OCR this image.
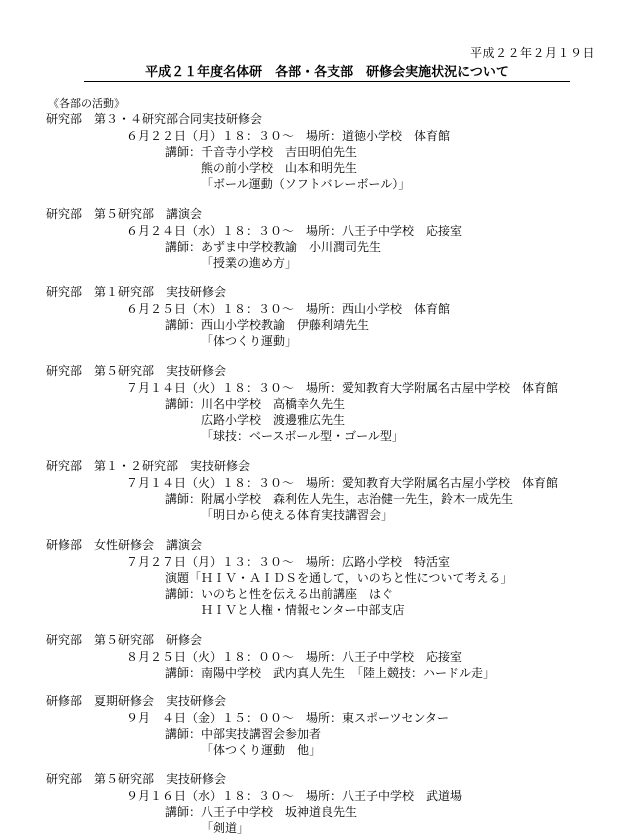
平成２２年２月１９日
平成２１年度名体研　各部・各支部　研修会実施状況について
《各部の活動》
研究部　第３・４研究部合同実技研修会
６月２２日（月）１８：３０～　場所：道徳小学校　体育館
講師：千音寺小学校　吉田明伯先生
熊の前小学校　山本和明先生
「ボール運動（ソフトバレーボール）」
研究部　第５研究部　講演会
６月２４日（水）１８：３０～　場所：八王子中学校　応接室
講師：あずま中学校教諭　小川潤司先生
「授業の進め方」
研究部　第１研究部　実技研修会
６月２５日（木）１８：３０～　場所：西山小学校　体育館
講師：西山小学校教諭　伊藤利靖先生
「体つくり運動」
研究部　第５研究部　実技研修会
７月１４日（火）１８：３０～　場所：愛知教育大学附属名古屋中学校　体育館
講師：川名中学校　高橋幸久先生
広路小学校　渡邊雅広先生
「球技：ベースボール型・ゴール型」
研究部　第１・２研究部　実技研修会
７月１４日（火）１８：３０～　場所：愛知教育大学附属名古屋小学校　体育館
講師：附属小学校　森利佐人先生，志治健一先生，鈴木一成先生
「明日から使える体育実技講習会」
研修部　女性研修会　講演会
７月２７日（月）１３：３０～　場所：広路小学校　特活室
演題「ＨＩＶ・ＡＩＤＳを通して，いのちと性について考える」
講師：いのちと性を伝える出前講座　はぐ
ＨＩＶと人権・情報センター中部支店
研究部　第５研究部　研修会
８月２５日（火）１８：００～　場所：八王子中学校　応接室
講師：南陽中学校　武内真人先生　「陸上競技：ハードル走」
研修部　夏期研修会　実技研修会
９月　４日（金）１５：００～　場所：東スポーツセンター
講師：中部実技講習会参加者
「体つくり運動　他」
研究部　第５研究部　実技研修会
９月１６日（水）１８：３０～　場所：八王子中学校　武道場
講師：八王子中学校　坂神道良先生
「剣道」
